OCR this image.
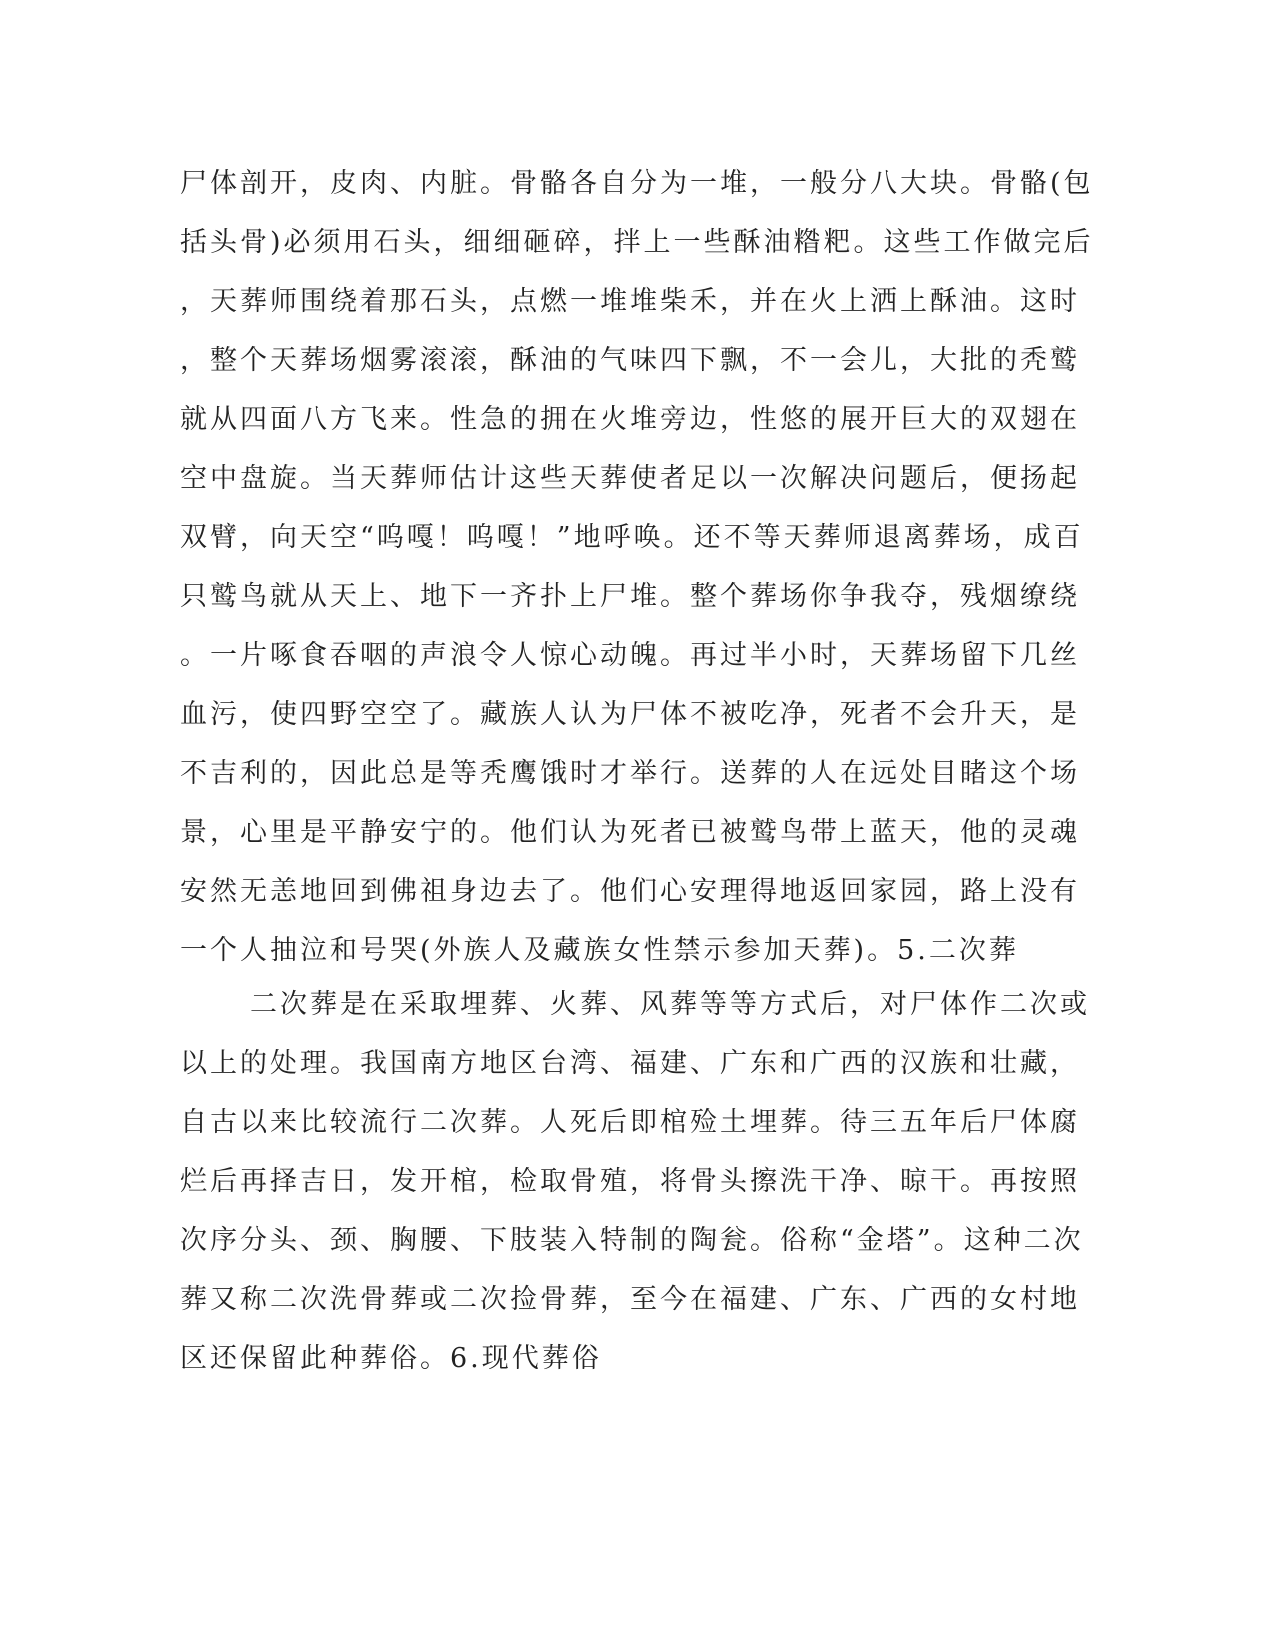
尸体剖开，皮肉、内脏。骨骼各自分为一堆，一般分八大块。骨骼(包
括头骨)必须用石头，细细砸碎，拌上一些酥油糌粑。这些工作做完后
，天葬师围绕着那石头，点燃一堆堆柴禾，并在火上洒上酥油。这时
，整个天葬场烟雾滚滚，酥油的气味四下飘，不一会儿，大批的秃鹫
就从四面八方飞来。性急的拥在火堆旁边，性悠的展开巨大的双翅在
空中盘旋。当天葬师估计这些天葬使者足以一次解决问题后，便扬起
双臂，向天空“呜嘎！呜嘎！”地呼唤。还不等天葬师退离葬场，成百
只鹫鸟就从天上、地下一齐扑上尸堆。整个葬场你争我夺，残烟缭绕
。一片啄食吞咽的声浪令人惊心动魄。再过半小时，天葬场留下几丝
血污，使四野空空了。藏族人认为尸体不被吃净，死者不会升天，是
不吉利的，因此总是等秃鹰饿时才举行。送葬的人在远处目睹这个场
景，心里是平静安宁的。他们认为死者已被鹫鸟带上蓝天，他的灵魂
安然无恙地回到佛祖身边去了。他们心安理得地返回家园，路上没有
一个人抽泣和号哭(外族人及藏族女性禁示参加天葬)。5.二次葬

二次葬是在采取埋葬、火葬、风葬等等方式后，对尸体作二次或
以上的处理。我国南方地区台湾、福建、广东和广西的汉族和壮藏，
自古以来比较流行二次葬。人死后即棺殓土埋葬。待三五年后尸体腐
烂后再择吉日，发开棺，检取骨殖，将骨头擦洗干净、晾干。再按照
次序分头、颈、胸腰、下肢装入特制的陶瓮。俗称“金塔”。这种二次
葬又称二次洗骨葬或二次捡骨葬，至今在福建、广东、广西的女村地
区还保留此种葬俗。6.现代葬俗
